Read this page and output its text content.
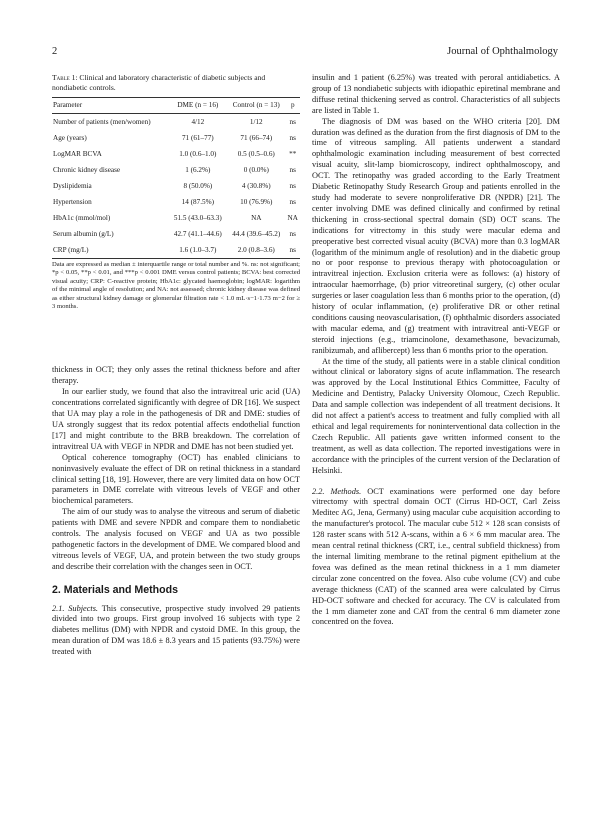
2	Journal of Ophthalmology
Table 1: Clinical and laboratory characteristic of diabetic subjects and nondiabetic controls.
Parameter	DME (n = 16)	Control (n = 13)	p
Number of patients (men/women)	4/12	1/12	ns
Age (years)	71 (61–77)	71 (66–74)	ns
LogMAR BCVA	1.0 (0.6–1.0)	0.5 (0.5–0.6)	**
Chronic kidney disease	1 (6.2%)	0 (0.0%)	ns
Dyslipidemia	8 (50.0%)	4 (30.8%)	ns
Hypertension	14 (87.5%)	10 (76.9%)	ns
HbA1c (mmol/mol)	51.5 (43.0–63.3)	NA	NA
Serum albumin (g/L)	42.7 (41.1–44.6)	44.4 (39.6–45.2)	ns
CRP (mg/L)	1.6 (1.0–3.7)	2.0 (0.8–3.6)	ns
Data are expressed as median ± interquartile range or total number and %. ns: not significant; *p < 0.05, **p < 0.01, and ***p < 0.001 DME versus control patients; BCVA: best corrected visual acuity; CRP: C-reactive protein; HbA1c: glycated haemoglobin; logMAR: logarithm of the minimal angle of resolution; and NA: not assessed; chronic kidney disease was defined as either structural kidney damage or glomerular filtration rate < 1.0 mL·s−1·1.73 m−2 for ≥ 3 months.

thickness in OCT; they only asses the retinal thickness before and after therapy.

In our earlier study, we found that also the intravitreal uric acid (UA) concentrations correlated significantly with degree of DR [16]. We suspect that UA may play a role in the pathogenesis of DR and DME: studies of UA strongly suggest that its redox potential affects endothelial function [17] and might contribute to the BRB breakdown. The correlation of intravitreal UA with VEGF in NPDR and DME has not been studied yet.

Optical coherence tomography (OCT) has enabled clinicians to noninvasively evaluate the effect of DR on retinal thickness in a standard clinical setting [18, 19]. However, there are very limited data on how OCT parameters in DME correlate with vitreous levels of VEGF and other biochemical parameters.

The aim of our study was to analyse the vitreous and serum of diabetic patients with DME and severe NPDR and compare them to nondiabetic controls. The analysis focused on VEGF and UA as two possible pathogenetic factors in the development of DME. We compared blood and vitreous levels of VEGF, UA, and protein between the two study groups and describe their correlation with the changes seen in OCT.

2. Materials and Methods

2.1. Subjects. This consecutive, prospective study involved 29 patients divided into two groups. First group involved 16 subjects with type 2 diabetes mellitus (DM) with NPDR and cystoid DME. In this group, the mean duration of DM was 18.6 ± 8.3 years and 15 patients (93.75%) were treated with

insulin and 1 patient (6.25%) was treated with peroral antidiabetics. A group of 13 nondiabetic subjects with idiopathic epiretinal membrane and diffuse retinal thickening served as control. Characteristics of all subjects are listed in Table 1.

The diagnosis of DM was based on the WHO criteria [20]. DM duration was defined as the duration from the first diagnosis of DM to the time of vitreous sampling. All patients underwent a standard ophthalmologic examination including measurement of best corrected visual acuity, slit-lamp biomicroscopy, indirect ophthalmoscopy, and OCT. The retinopathy was graded according to the Early Treatment Diabetic Retinopathy Study Research Group and patients enrolled in the study had moderate to severe nonproliferative DR (NPDR) [21]. The center involving DME was defined clinically and confirmed by retinal thickening in cross-sectional spectral domain (SD) OCT scans. The indications for vitrectomy in this study were macular edema and preoperative best corrected visual acuity (BCVA) more than 0.3 logMAR (logarithm of the minimum angle of resolution) and in the diabetic group no or poor response to previous therapy with photocoagulation or intravitreal injection. Exclusion criteria were as follows: (a) history of intraocular haemorrhage, (b) prior vitreoretinal surgery, (c) other ocular surgeries or laser coagulation less than 6 months prior to the operation, (d) history of ocular inflammation, (e) proliferative DR or other retinal conditions causing neovascularisation, (f) ophthalmic disorders associated with macular edema, and (g) treatment with intravitreal anti-VEGF or steroid injections (e.g., triamcinolone, dexamethasone, bevacizumab, ranibizumab, and aflibercept) less than 6 months prior to the operation.

At the time of the study, all patients were in a stable clinical condition without clinical or laboratory signs of acute inflammation. The research was approved by the Local Institutional Ethics Committee, Faculty of Medicine and Dentistry, Palacky University Olomouc, Czech Republic. Data and sample collection was independent of all treatment decisions. It did not affect a patient's access to treatment and fully complied with all ethical and legal requirements for noninterventional data collection in the Czech Republic. All patients gave written informed consent to the treatment, as well as data collection. The reported investigations were in accordance with the principles of the current version of the Declaration of Helsinki.

2.2. Methods. OCT examinations were performed one day before vitrectomy with spectral domain OCT (Cirrus HD-OCT, Carl Zeiss Meditec AG, Jena, Germany) using macular cube acquisition according to the manufacturer's protocol. The macular cube 512 × 128 scan consists of 128 raster scans with 512 A-scans, within a 6 × 6 mm macular area. The mean central retinal thickness (CRT, i.e., central subfield thickness) from the internal limiting membrane to the retinal pigment epithelium at the fovea was defined as the mean retinal thickness in a 1 mm diameter circular zone concentred on the fovea. Also cube volume (CV) and cube average thickness (CAT) of the scanned area were calculated by Cirrus HD-OCT software and checked for accuracy. The CV is calculated from the 1 mm diameter zone and CAT from the central 6 mm diameter zone concentred on the fovea.
